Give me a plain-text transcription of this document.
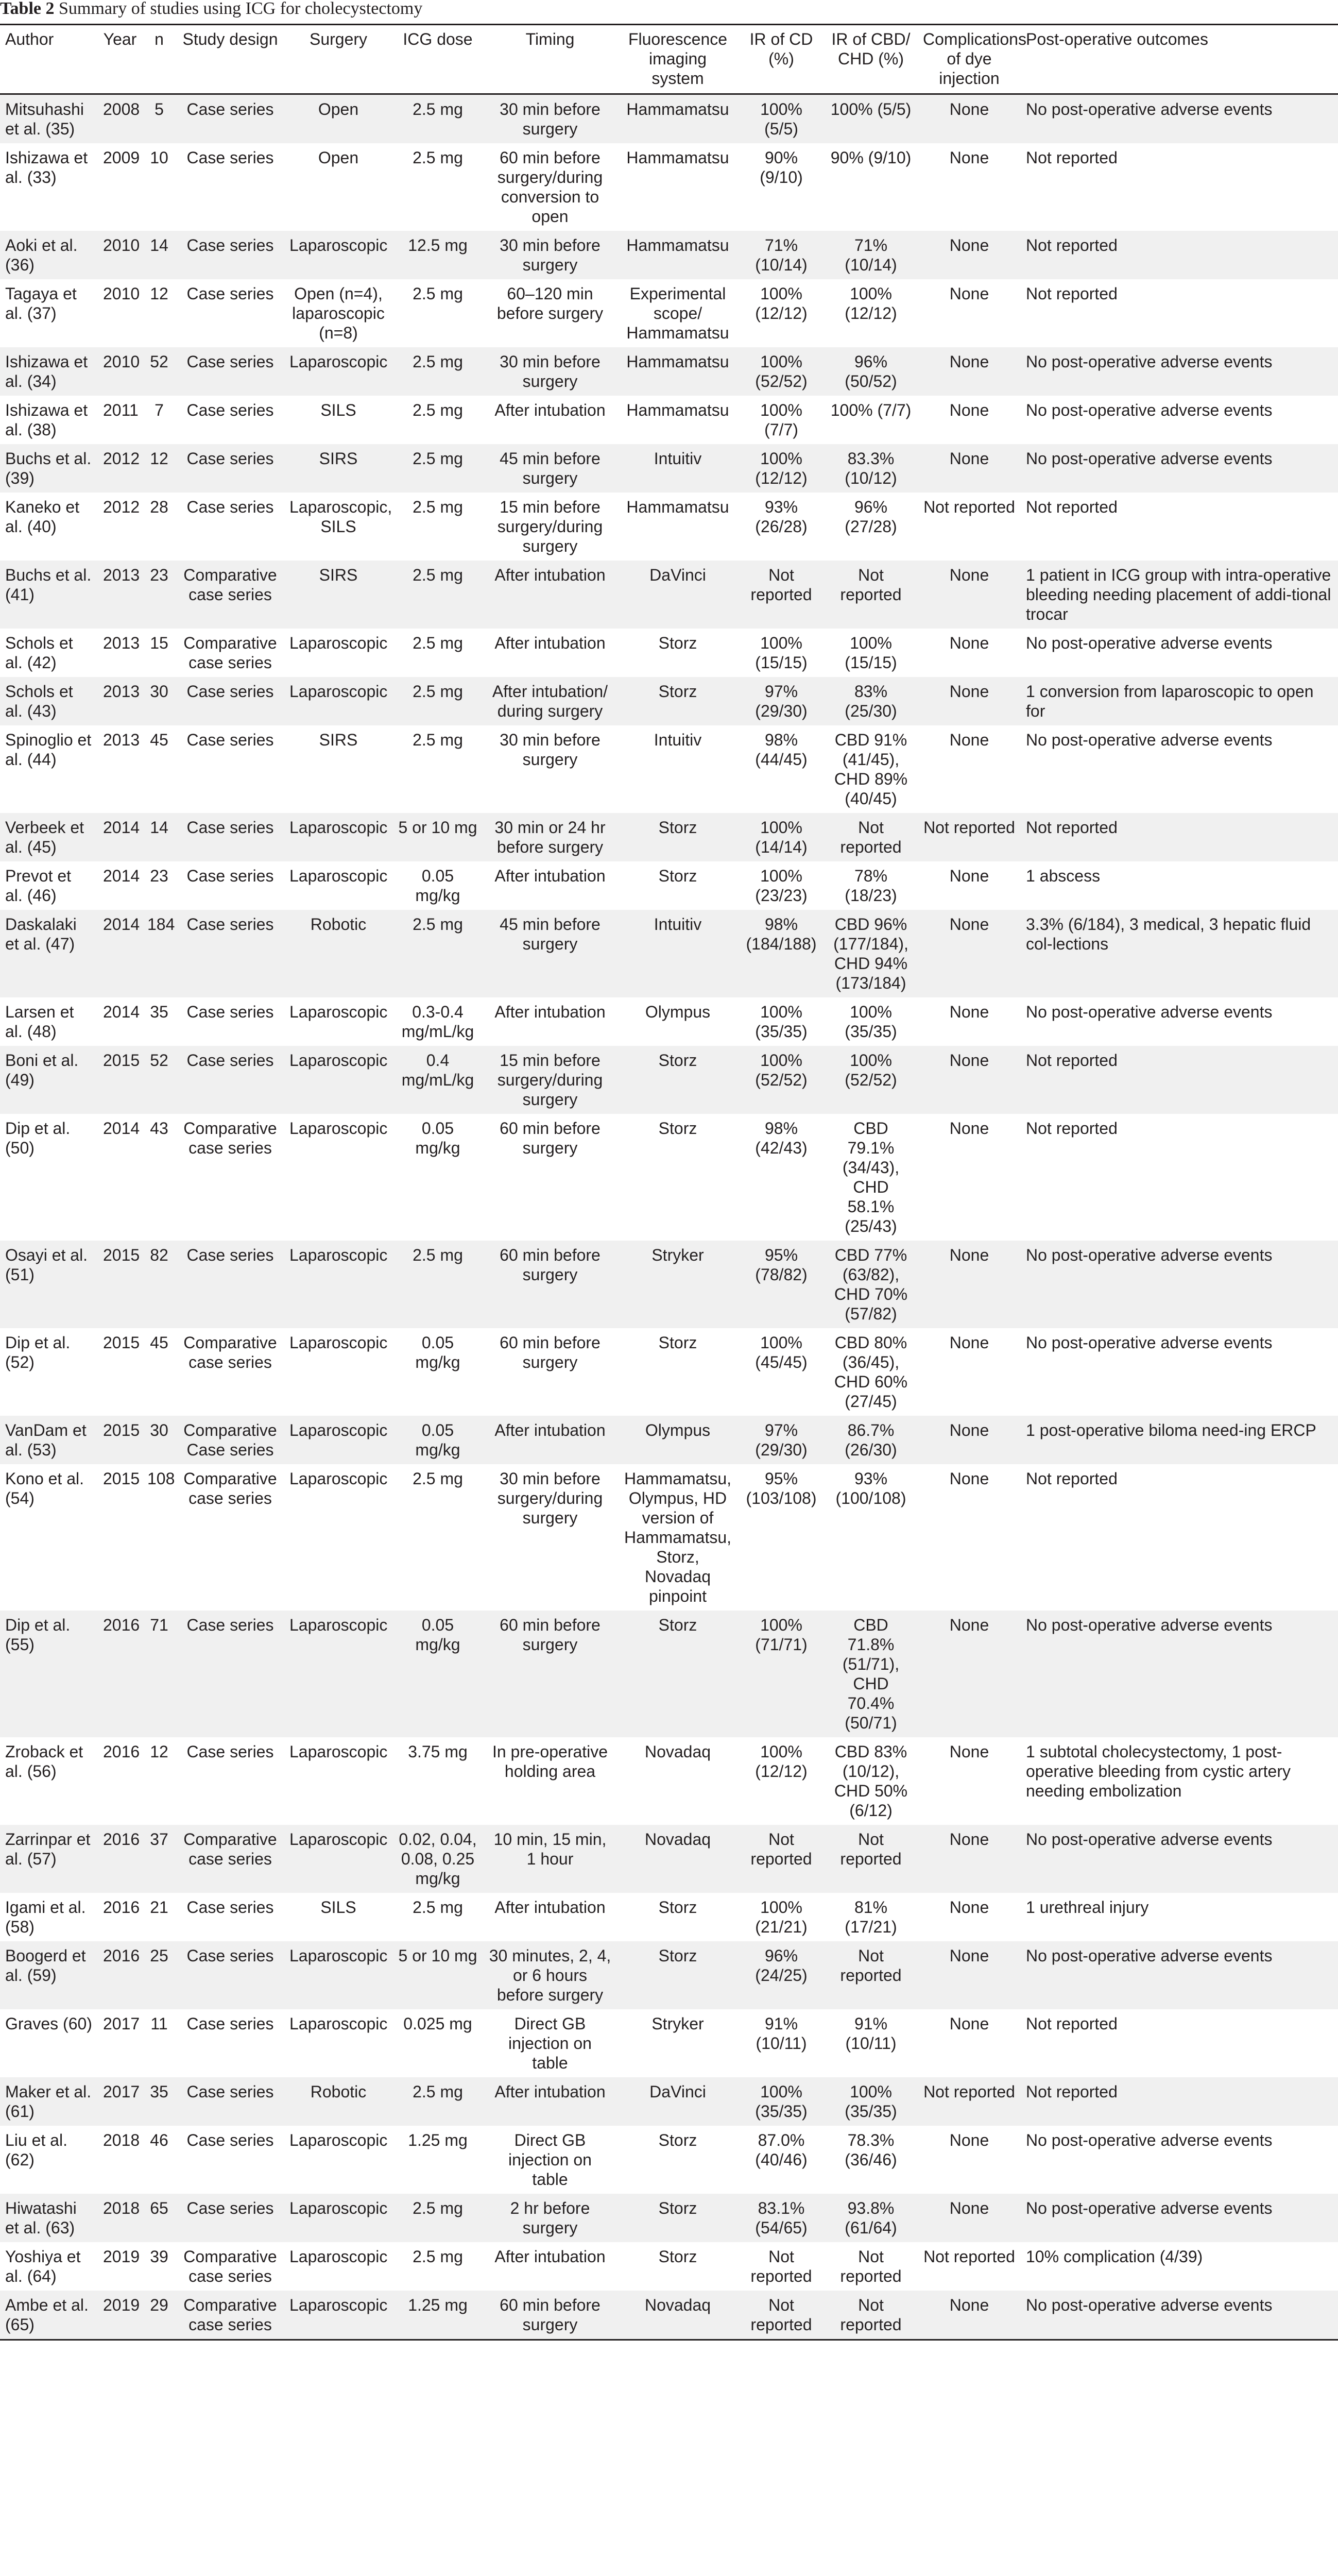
Table 2 Summary of studies using ICG for cholecystectomy
Author	Year	n	Study design	Surgery	ICG dose	Timing	Fluorescence imaging system	IR of CD (%)	IR of CBD/ CHD (%)	Complications of dye injection	Post-operative outcomes
Mitsuhashi et al. (35)	2008	5	Case series	Open	2.5 mg	30 min before surgery	Hammamatsu	100% (5/5)	100% (5/5)	None	No post-operative adverse events
Ishizawa et al. (33)	2009	10	Case series	Open	2.5 mg	60 min before surgery/during conversion to open	Hammamatsu	90% (9/10)	90% (9/10)	None	Not reported
Aoki et al. (36)	2010	14	Case series	Laparoscopic	12.5 mg	30 min before surgery	Hammamatsu	71% (10/14)	71% (10/14)	None	Not reported
Tagaya et al. (37)	2010	12	Case series	Open (n=4), laparoscopic (n=8)	2.5 mg	60–120 min before surgery	Experimental scope/ Hammamatsu	100% (12/12)	100% (12/12)	None	Not reported
Ishizawa et al. (34)	2010	52	Case series	Laparoscopic	2.5 mg	30 min before surgery	Hammamatsu	100% (52/52)	96% (50/52)	None	No post-operative adverse events
Ishizawa et al. (38)	2011	7	Case series	SILS	2.5 mg	After intubation	Hammamatsu	100% (7/7)	100% (7/7)	None	No post-operative adverse events
Buchs et al. (39)	2012	12	Case series	SIRS	2.5 mg	45 min before surgery	Intuitiv	100% (12/12)	83.3% (10/12)	None	No post-operative adverse events
Kaneko et al. (40)	2012	28	Case series	Laparoscopic, SILS	2.5 mg	15 min before surgery/during surgery	Hammamatsu	93% (26/28)	96% (27/28)	Not reported	Not reported
Buchs et al. (41)	2013	23	Comparative case series	SIRS	2.5 mg	After intubation	DaVinci	Not reported	Not reported	None	1 patient in ICG group with intra-operative bleeding needing placement of addi-tional trocar
Schols et al. (42)	2013	15	Comparative case series	Laparoscopic	2.5 mg	After intubation	Storz	100% (15/15)	100% (15/15)	None	No post-operative adverse events
Schols et al. (43)	2013	30	Case series	Laparoscopic	2.5 mg	After intubation/ during surgery	Storz	97% (29/30)	83% (25/30)	None	1 conversion from laparoscopic to open for
Spinoglio et al. (44)	2013	45	Case series	SIRS	2.5 mg	30 min before surgery	Intuitiv	98% (44/45)	CBD 91% (41/45), CHD 89% (40/45)	None	No post-operative adverse events
Verbeek et al. (45)	2014	14	Case series	Laparoscopic	5 or 10 mg	30 min or 24 hr before surgery	Storz	100% (14/14)	Not reported	Not reported	Not reported
Prevot et al. (46)	2014	23	Case series	Laparoscopic	0.05 mg/kg	After intubation	Storz	100% (23/23)	78% (18/23)	None	1 abscess
Daskalaki et al. (47)	2014	184	Case series	Robotic	2.5 mg	45 min before surgery	Intuitiv	98% (184/188)	CBD 96% (177/184), CHD 94% (173/184)	None	3.3% (6/184), 3 medical, 3 hepatic fluid col-lections
Larsen et al. (48)	2014	35	Case series	Laparoscopic	0.3-0.4 mg/mL/kg	After intubation	Olympus	100% (35/35)	100% (35/35)	None	No post-operative adverse events
Boni et al. (49)	2015	52	Case series	Laparoscopic	0.4 mg/mL/kg	15 min before surgery/during surgery	Storz	100% (52/52)	100% (52/52)	None	Not reported
Dip et al. (50)	2014	43	Comparative case series	Laparoscopic	0.05 mg/kg	60 min before surgery	Storz	98% (42/43)	CBD 79.1% (34/43), CHD 58.1% (25/43)	None	Not reported
Osayi et al. (51)	2015	82	Case series	Laparoscopic	2.5 mg	60 min before surgery	Stryker	95% (78/82)	CBD 77% (63/82), CHD 70% (57/82)	None	No post-operative adverse events
Dip et al. (52)	2015	45	Comparative case series	Laparoscopic	0.05 mg/kg	60 min before surgery	Storz	100% (45/45)	CBD 80% (36/45), CHD 60% (27/45)	None	No post-operative adverse events
VanDam et al. (53)	2015	30	Comparative Case series	Laparoscopic	0.05 mg/kg	After intubation	Olympus	97% (29/30)	86.7% (26/30)	None	1 post-operative biloma need-ing ERCP
Kono et al. (54)	2015	108	Comparative case series	Laparoscopic	2.5 mg	30 min before surgery/during surgery	Hammamatsu, Olympus, HD version of Hammamatsu, Storz, Novadaq pinpoint	95% (103/108)	93% (100/108)	None	Not reported
Dip et al. (55)	2016	71	Case series	Laparoscopic	0.05 mg/kg	60 min before surgery	Storz	100% (71/71)	CBD 71.8% (51/71), CHD 70.4% (50/71)	None	No post-operative adverse events
Zroback et al. (56)	2016	12	Case series	Laparoscopic	3.75 mg	In pre-operative holding area	Novadaq	100% (12/12)	CBD 83% (10/12), CHD 50% (6/12)	None	1 subtotal cholecystectomy, 1 post-operative bleeding from cystic artery needing embolization
Zarrinpar et al. (57)	2016	37	Comparative case series	Laparoscopic	0.02, 0.04, 0.08, 0.25 mg/kg	10 min, 15 min, 1 hour	Novadaq	Not reported	Not reported	None	No post-operative adverse events
Igami et al. (58)	2016	21	Case series	SILS	2.5 mg	After intubation	Storz	100% (21/21)	81% (17/21)	None	1 urethreal injury
Boogerd et al. (59)	2016	25	Case series	Laparoscopic	5 or 10 mg	30 minutes, 2, 4, or 6 hours before surgery	Storz	96% (24/25)	Not reported	None	No post-operative adverse events
Graves (60)	2017	11	Case series	Laparoscopic	0.025 mg	Direct GB injection on table	Stryker	91% (10/11)	91% (10/11)	None	Not reported
Maker et al. (61)	2017	35	Case series	Robotic	2.5 mg	After intubation	DaVinci	100% (35/35)	100% (35/35)	Not reported	Not reported
Liu et al. (62)	2018	46	Case series	Laparoscopic	1.25 mg	Direct GB injection on table	Storz	87.0% (40/46)	78.3% (36/46)	None	No post-operative adverse events
Hiwatashi et al. (63)	2018	65	Case series	Laparoscopic	2.5 mg	2 hr before surgery	Storz	83.1% (54/65)	93.8% (61/64)	None	No post-operative adverse events
Yoshiya et al. (64)	2019	39	Comparative case series	Laparoscopic	2.5 mg	After intubation	Storz	Not reported	Not reported	Not reported	10% complication (4/39)
Ambe et al. (65)	2019	29	Comparative case series	Laparoscopic	1.25 mg	60 min before surgery	Novadaq	Not reported	Not reported	None	No post-operative adverse events
